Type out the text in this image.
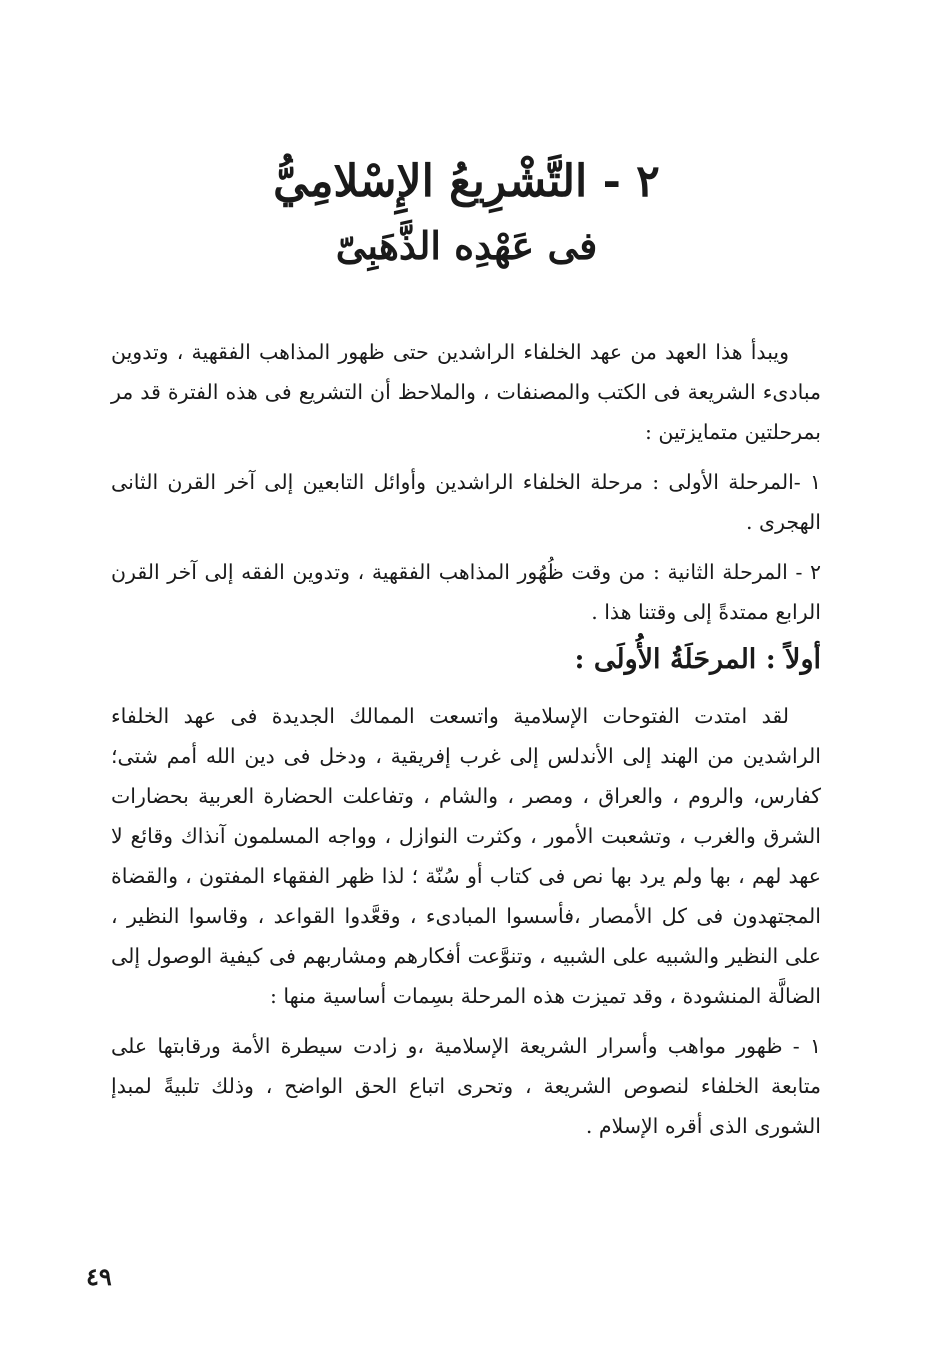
٢ - التَّشْرِيعُ الإِسْلامِيُّ
فى عَهْدِه الذَّهَبِىّ

ويبدأ هذا العهد من عهد الخلفاء الراشدين حتى ظهور المذاهب الفقهية ، وتدوين مبادىء الشريعة فى الكتب والمصنفات ، والملاحظ أن التشريع فى هذه الفترة قد مر بمرحلتين متمايزتين :

١ -المرحلة الأولى : مرحلة الخلفاء الراشدين وأوائل التابعين إلى آخر القرن الثانى الهجرى .

٢ - المرحلة الثانية : من وقت ظُهُور المذاهب الفقهية ، وتدوين الفقه إلى آخر القرن الرابع ممتدةً إلى وقتنا هذا .

أولاً : المرحَلَةُ الأُولَى :

لقد امتدت الفتوحات الإسلامية واتسعت الممالك الجديدة فى عهد الخلفاء الراشدين من الهند إلى الأندلس إلى غرب إفريقية ، ودخل فى دين الله أمم شتى؛ كفارس، والروم ، والعراق ، ومصر ، والشام ، وتفاعلت الحضارة العربية بحضارات الشرق والغرب ، وتشعبت الأمور ، وكثرت النوازل ، وواجه المسلمون آنذاك وقائع لا عهد لهم ، بها ولم يرد بها نص فى كتاب أو سُنّة ؛ لذا ظهر الفقهاء المفتون ، والقضاة المجتهدون فى كل الأمصار ،فأسسوا المبادىء ، وقعَّدوا القواعد ، وقاسوا النظير ، على النظير والشبيه على الشبيه ، وتنوَّعت أفكارهم ومشاربهم فى كيفية الوصول إلى الضالَّة المنشودة ، وقد تميزت هذه المرحلة بسِمات أساسية منها :

١ - ظهور مواهب وأسرار الشريعة الإسلامية ،و زادت سيطرة الأمة ورقابتها على متابعة الخلفاء لنصوص الشريعة ، وتحرى اتباع الحق الواضح ، وذلك تلبيةً لمبدإ الشورى الذى أقره الإسلام .

٤٩
